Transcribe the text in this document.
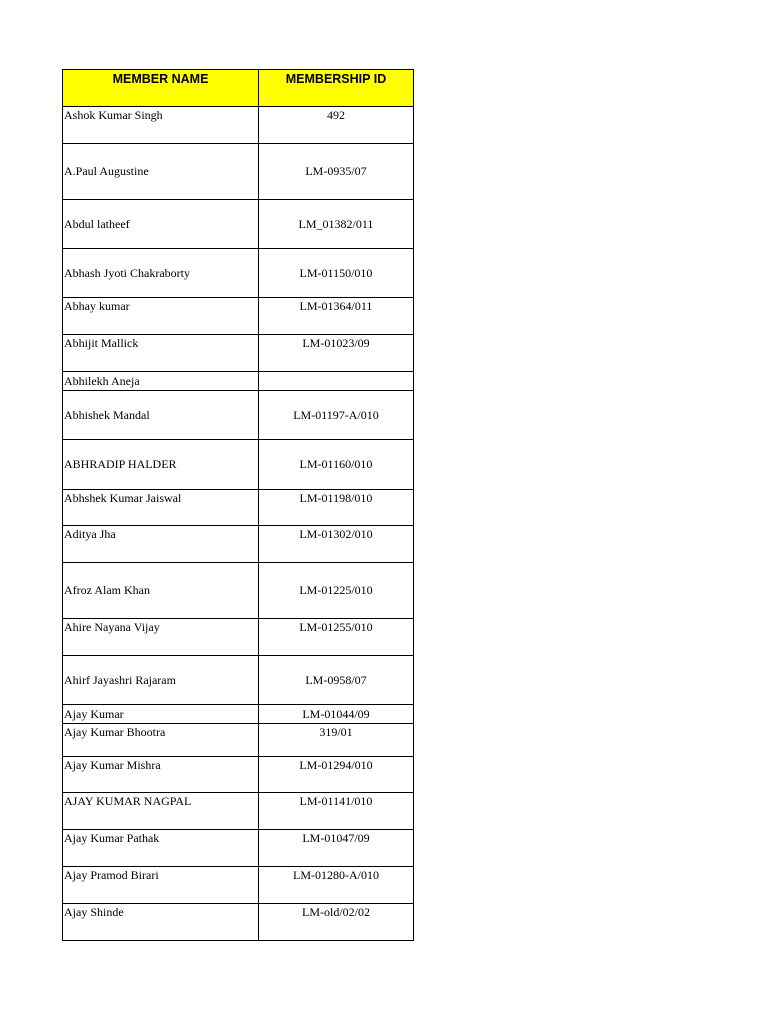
MEMBER NAME	MEMBERSHIP ID

Ashok Kumar Singh	492

A.Paul Augustine	LM-0935/07
Abdul latheef	LM_01382/011
Abhash Jyoti Chakraborty	LM-01150/010

Abhay kumar	LM-01364/011

Abhijit Mallick	LM-01023/09

Abhilekh Aneja	
Abhishek Mandal	LM-01197-A/010
ABHRADIP HALDER	LM-01160/010

Abhshek Kumar Jaiswal	LM-01198/010

Aditya Jha	LM-01302/010

Afroz Alam Khan	LM-01225/010

Ahire Nayana Vijay	LM-01255/010

Ahirf Jayashri Rajaram	LM-0958/07
Ajay Kumar	LM-01044/09

Ajay Kumar Bhootra	319/01

Ajay Kumar Mishra	LM-01294/010

AJAY KUMAR NAGPAL	LM-01141/010

Ajay Kumar Pathak	LM-01047/09

Ajay Pramod Birari	LM-01280-A/010

Ajay Shinde	LM-old/02/02
